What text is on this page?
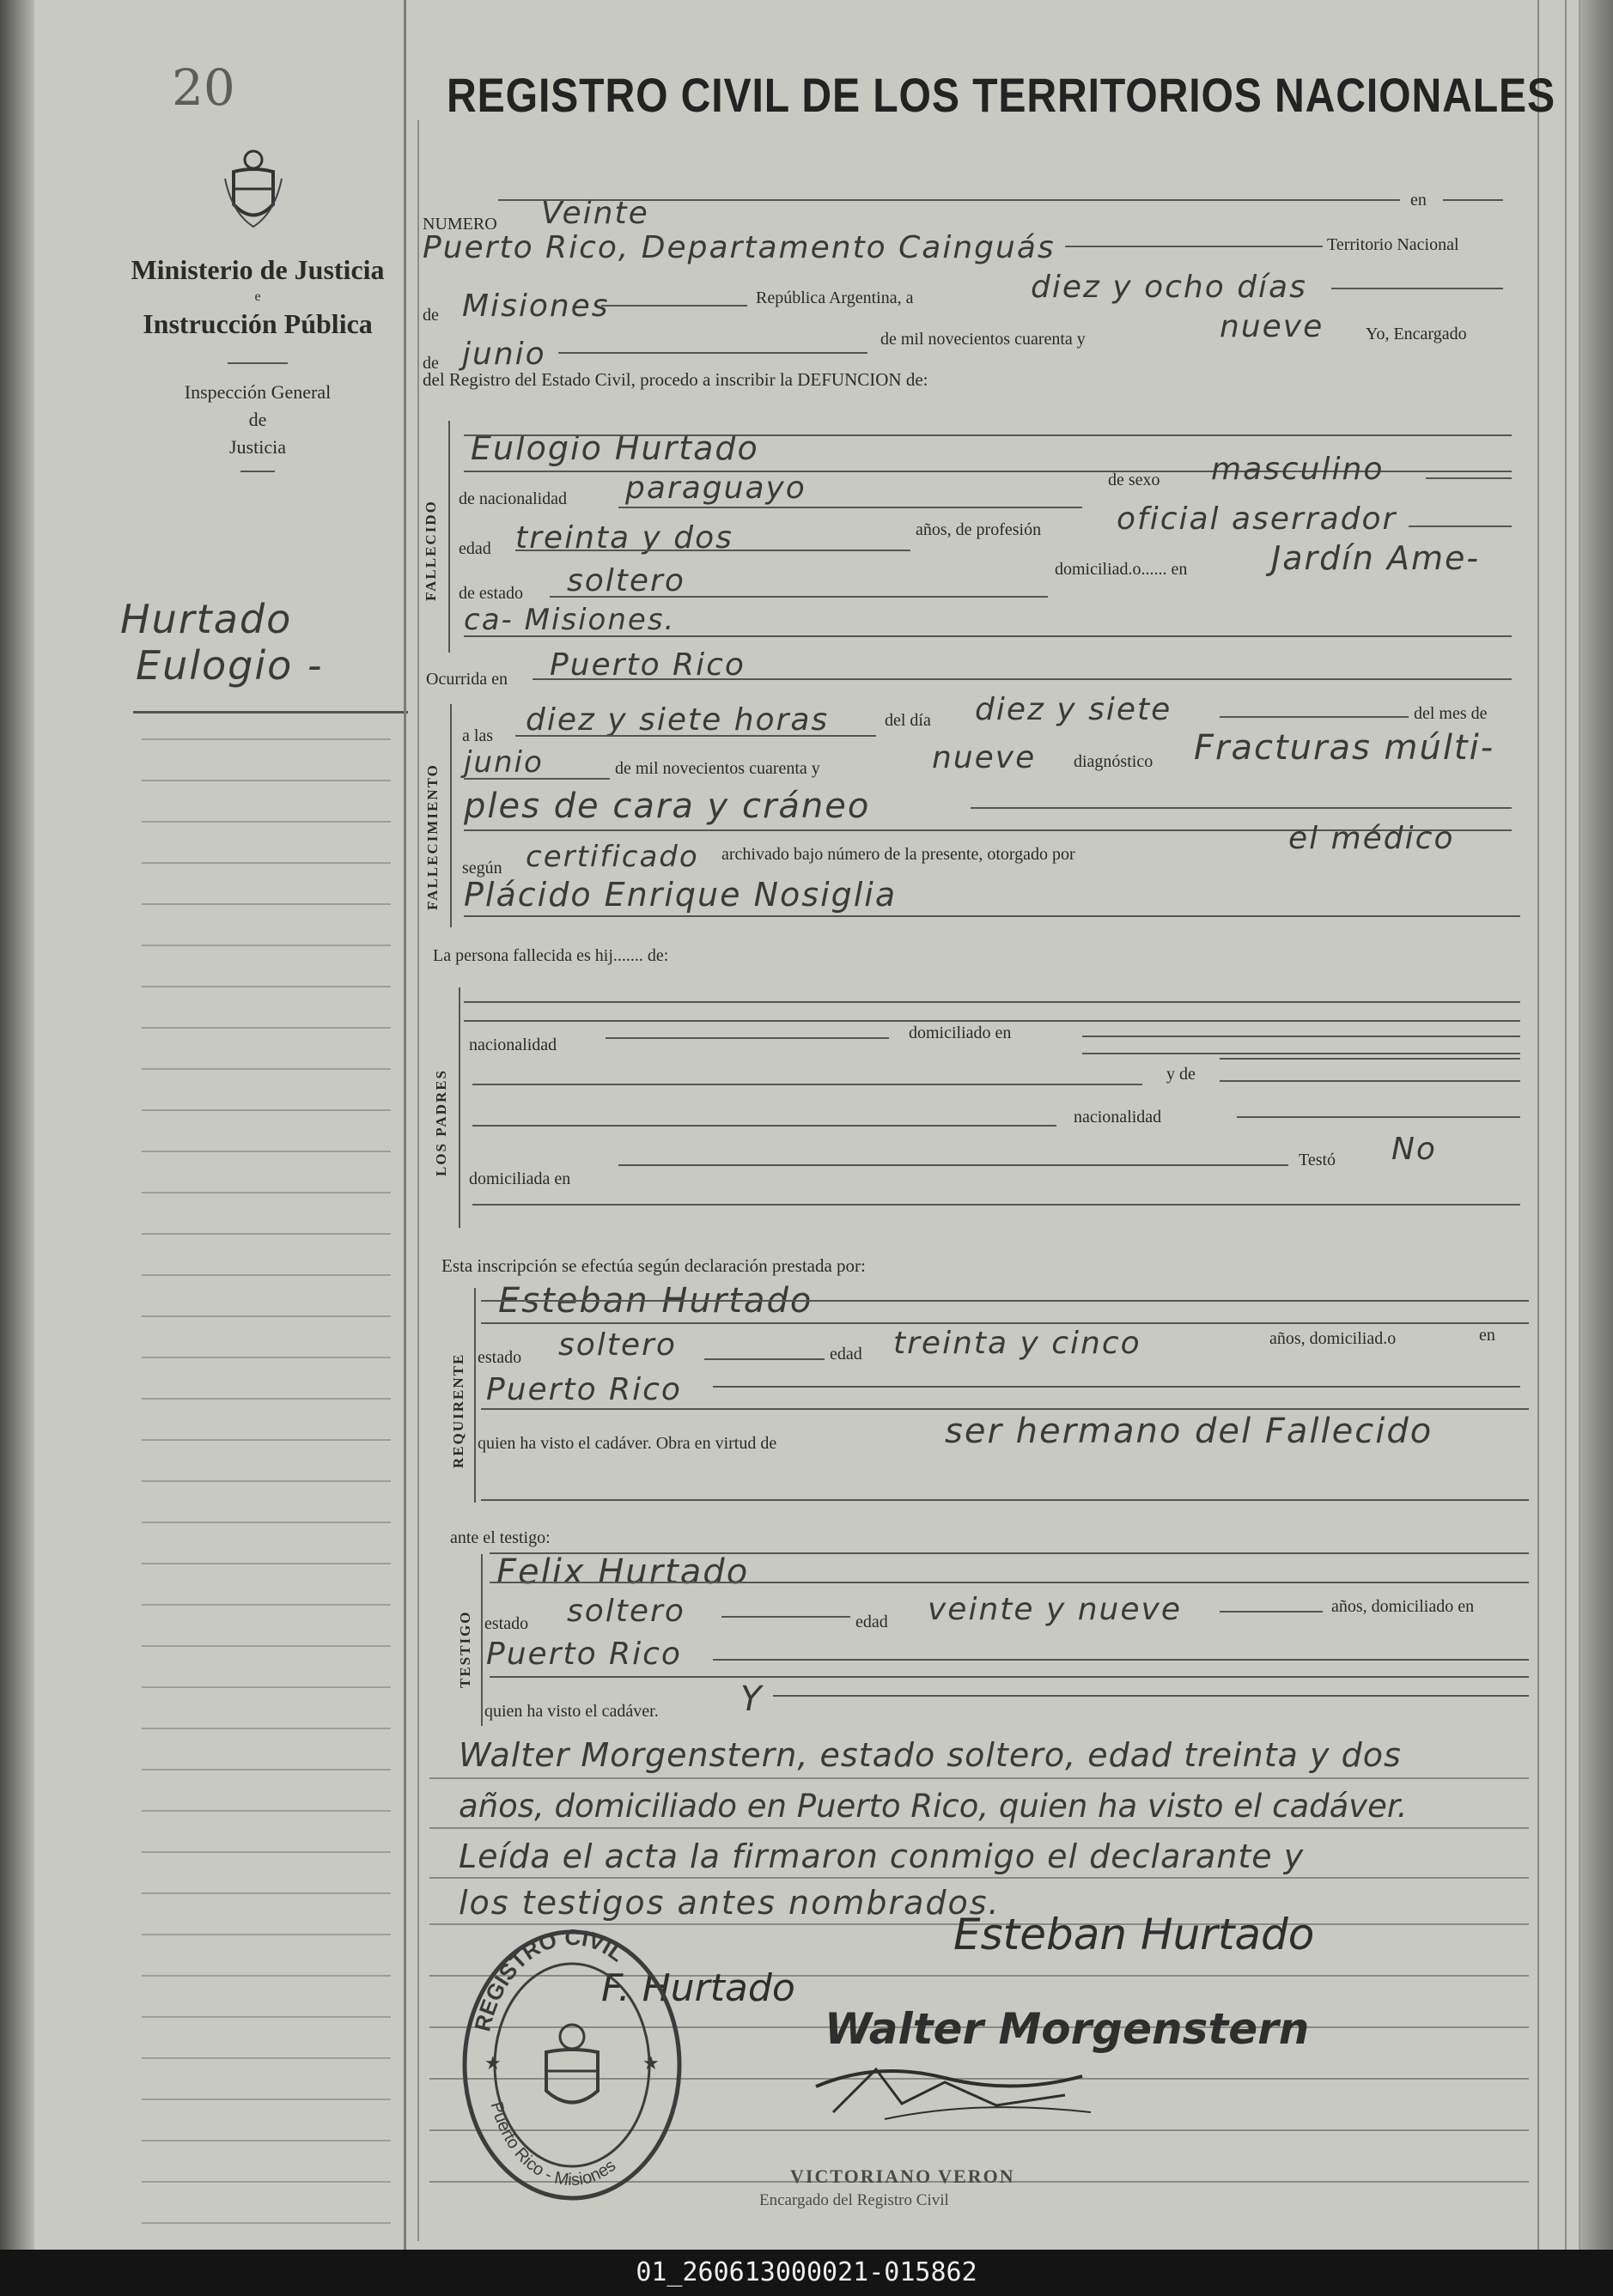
20
Ministerio de Justicia
e
Instrucción Pública
Inspección General
de
Justicia
Hurtado
Eulogio -
REGISTRO CIVIL DE LOS TERRITORIOS NACIONALES
NUMERO Veinte	en
Puerto Rico, Departamento Cainguás	Territorio Nacional
de Misiones	República Argentina, a	diez y ocho días
de junio	de mil novecientos cuarenta y	nueve Yo, Encargado
del Registro del Estado Civil, procedo a inscribir la DEFUNCION de:
FALLECIDO
Eulogio Hurtado
de nacionalidad paraguayo	de sexo masculino
edad treinta y dos	años, de profesión oficial aserrador
de estado soltero	domiciliad.o...... en	Jardín Ame-
ca- Misiones.
Ocurrida en Puerto Rico
FALLECIMIENTO
a las diez y siete horas	del día diez y siete	del mes de
junio	de mil novecientos cuarenta y	nueve diagnóstico Fracturas múlti-
ples de cara y cráneo
según certificado archivado bajo número de la presente, otorgado por	el médico
Plácido Enrique Nosiglia
La persona fallecida es hij....... de:
LOS PADRES
nacionalidad
domiciliado en
y de
nacionalidad
domiciliada en
Testó No
Esta inscripción se efectúa según declaración prestada por:
REQUIRENTE
Esteban Hurtado
estado soltero	edad treinta y cinco	años, domiciliad.o	en
Puerto Rico
quien ha visto el cadáver. Obra en virtud de	ser hermano del Fallecido
ante el testigo:
TESTIGO
Felix Hurtado
estado soltero	edad veinte y nueve	años, domiciliado en
Puerto Rico
quien ha visto el cadáver. Y
Walter Morgenstern, estado soltero, edad treinta y dos
años, domiciliado en Puerto Rico, quien ha visto el cadáver.
Leída el acta la firmaron conmigo el declarante y
los testigos antes nombrados.
Esteban Hurtado
F. Hurtado
Walter Morgenstern
REGISTRO CIVIL
Puerto Rico - Misiones
★	★
VICTORIANO VERON
Encargado del Registro Civil
01_260613000021-015862
